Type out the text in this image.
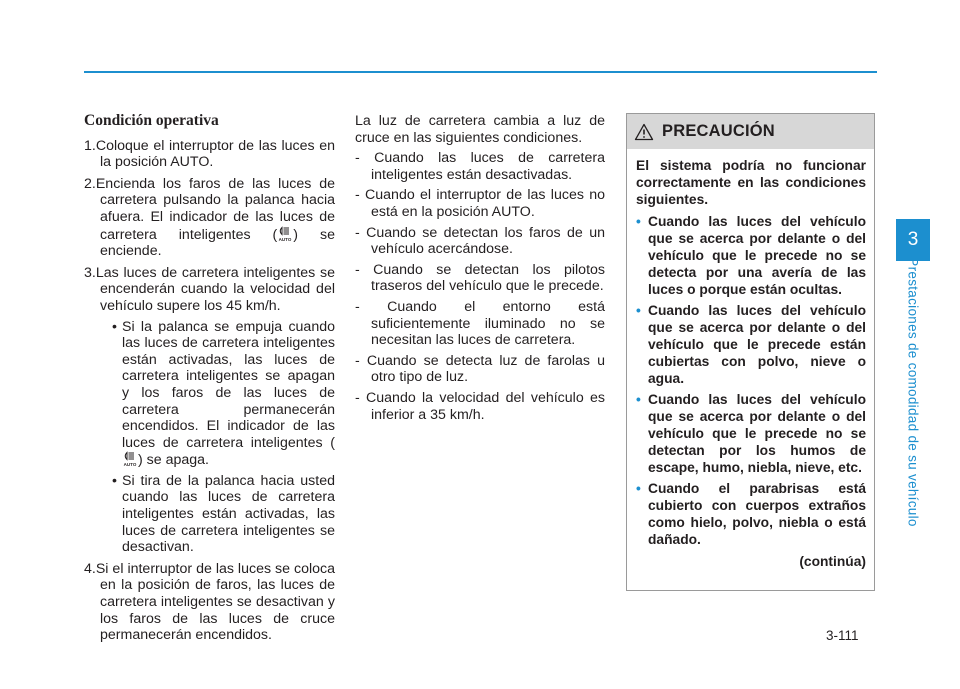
Condición operativa
1.Coloque el interruptor de las luces en la posición AUTO.
2.Encienda los faros de las luces de carretera pulsando la palanca hacia afuera. El indicador de las luces de carretera inteligentes ( AUTO ) se enciende.
3.Las luces de carretera inteligentes se encenderán cuando la velocidad del vehículo supere los 45 km/h.
• Si la palanca se empuja cuando las luces de carretera inteligentes están activadas, las luces de carretera inteligentes se apagan y los faros de las luces de carretera permanecerán encendidos. El indicador de las luces de carretera inteligentes (
AUTO ) se apaga.
• Si tira de la palanca hacia usted cuando las luces de carretera inteligentes están activadas, las luces de carretera inteligentes se desactivan.
4.Si el interruptor de las luces se coloca en la posición de faros, las luces de carretera inteligentes se desactivan y los faros de las luces de cruce permanecerán encendidos.

La luz de carretera cambia a luz de cruce en las siguientes condiciones.

- Cuando las luces de carretera inteligentes están desactivadas.
- Cuando el interruptor de las luces no está en la posición AUTO.
- Cuando se detectan los faros de un vehículo acercándose.
- Cuando se detectan los pilotos traseros del vehículo que le precede.
- Cuando el entorno está suficientemente iluminado no se necesitan las luces de carretera.
- Cuando se detecta luz de farolas u otro tipo de luz.
- Cuando la velocidad del vehículo es inferior a 35 km/h.
PRECAUCIÓN

El sistema podría no funcionar correctamente en las condiciones siguientes.

• Cuando las luces del vehículo que se acerca por delante o del vehículo que le precede no se detecta por una avería de las luces o porque están ocultas.
• Cuando las luces del vehículo que se acerca por delante o del vehículo que le precede están cubiertas con polvo, nieve o agua.
• Cuando las luces del vehículo que se acerca por delante o del vehículo que le precede no se detectan por los humos de escape, humo, niebla, nieve, etc.
• Cuando el parabrisas está cubierto con cuerpos extraños como hielo, polvo, niebla o está dañado.
(continúa)
3
Prestaciones de comodidad de su vehículo
3-111
